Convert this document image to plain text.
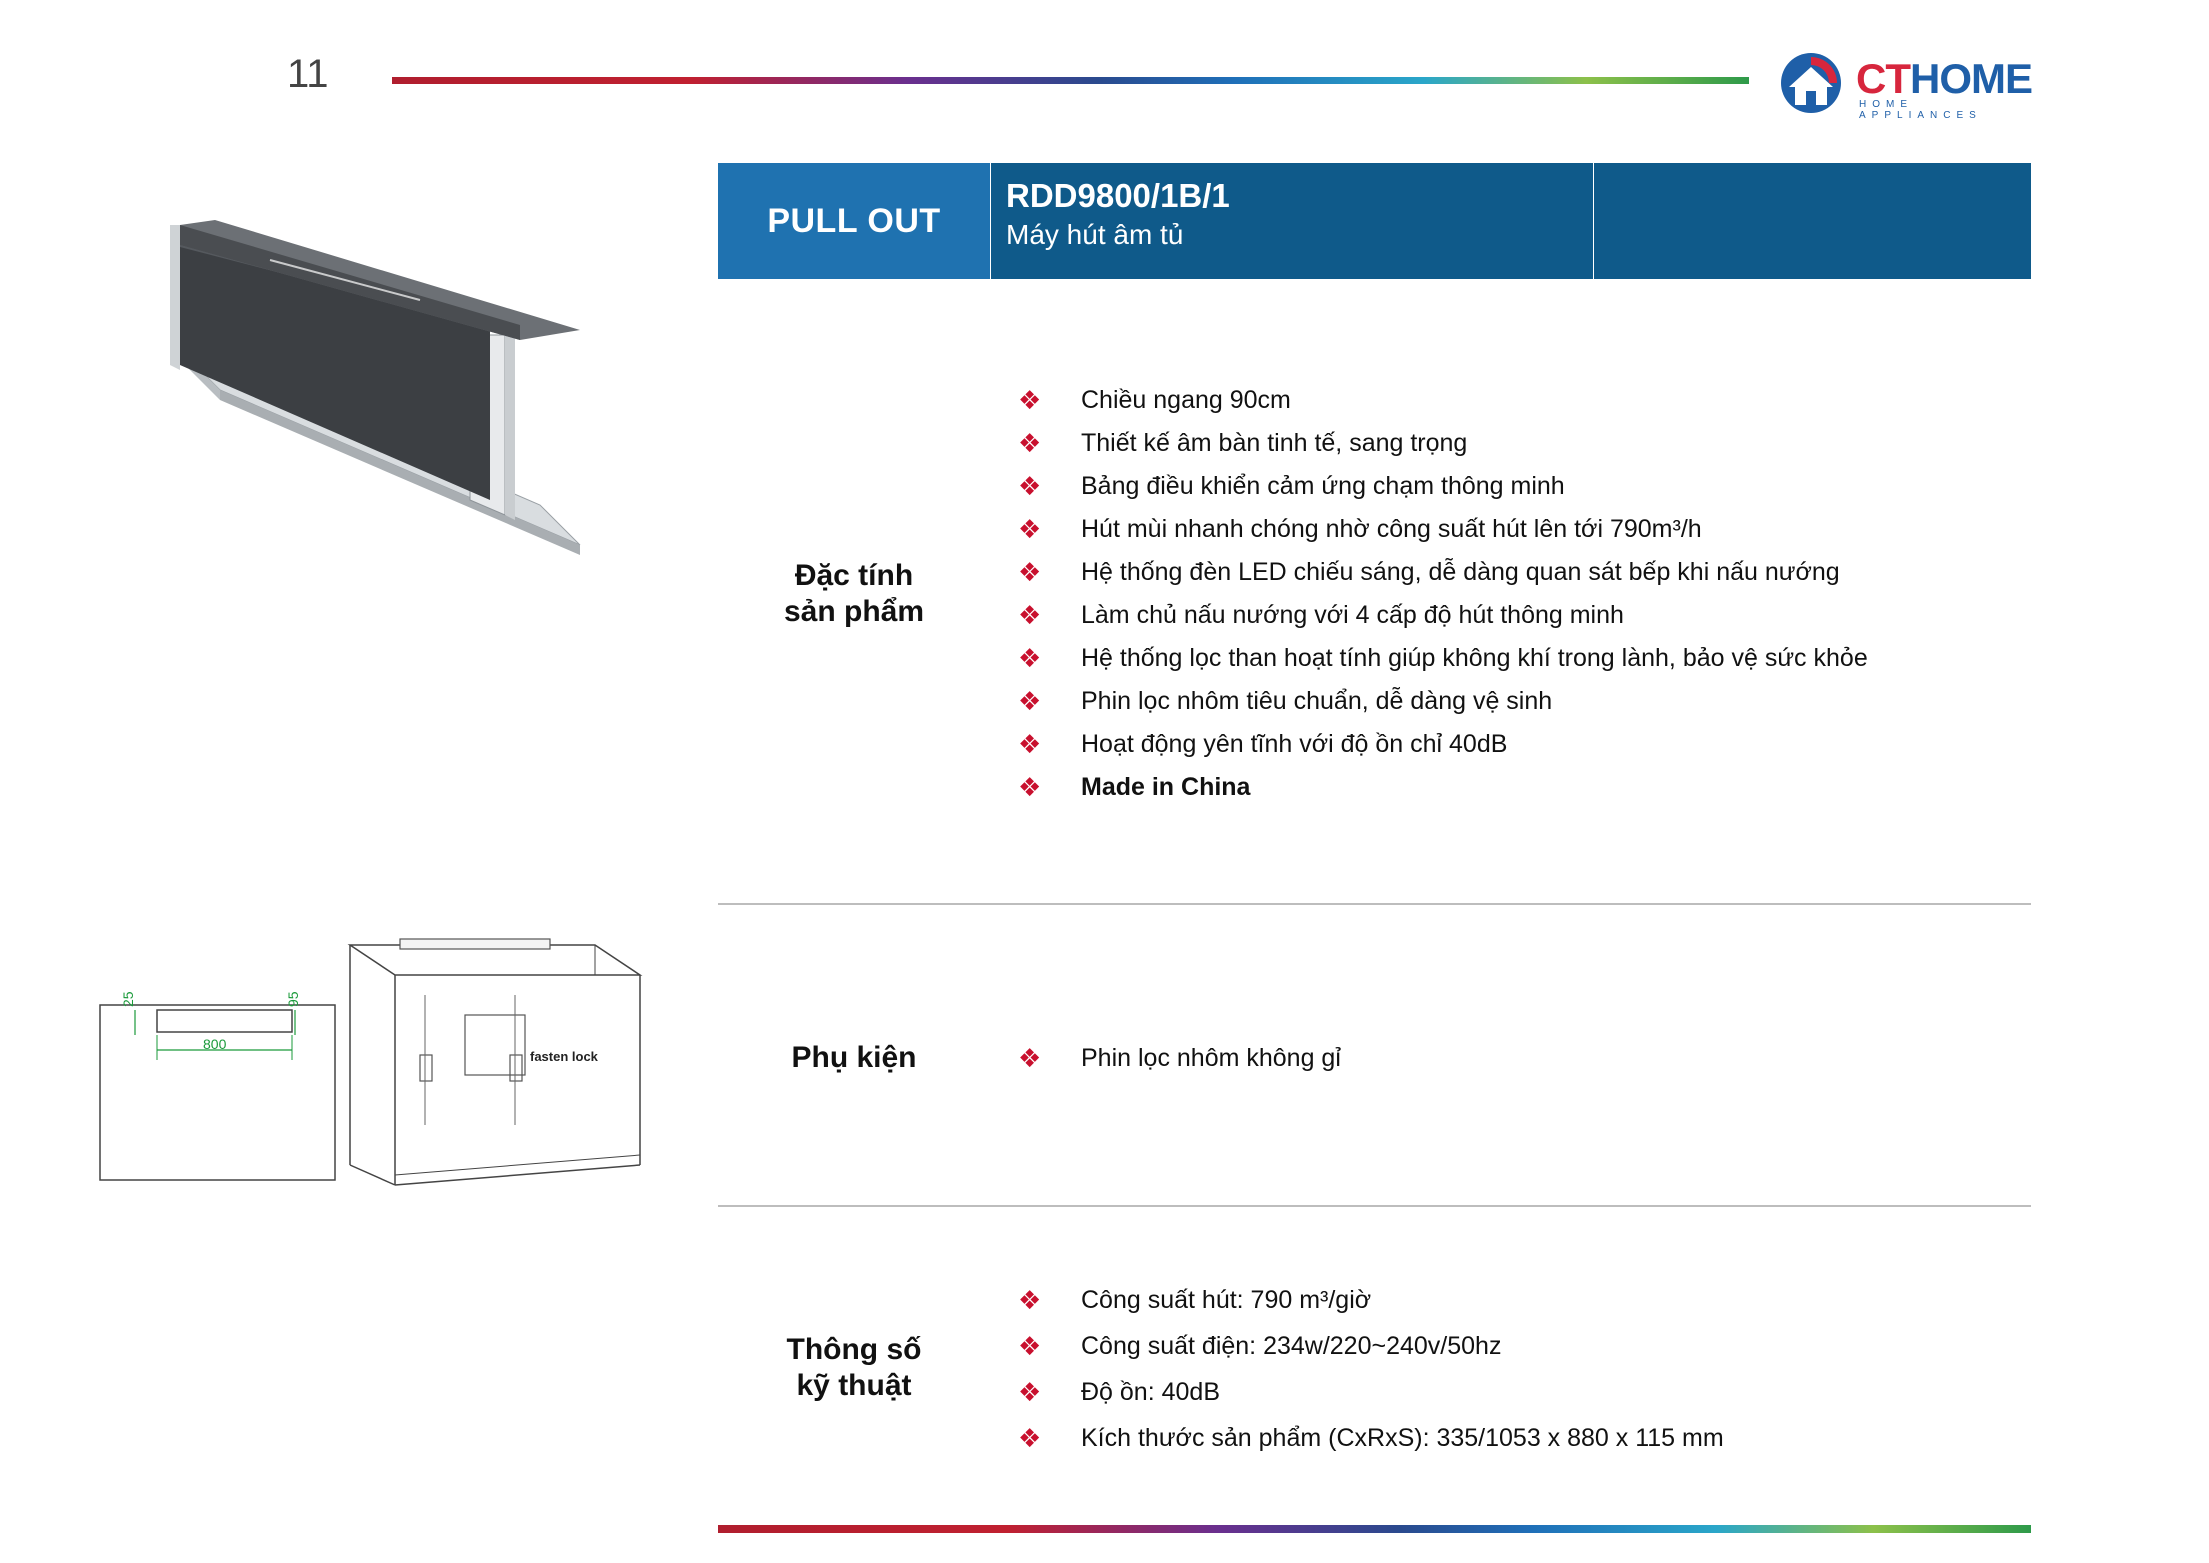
11	CTHOME
HOME APPLIANCES
PULL OUT
RDD9800/1B/1
Máy hút âm tủ
25	95
800
fasten lock
Đặc tính
sản phẩm
❖ Chiều ngang 90cm
❖ Thiết kế âm bàn tinh tế, sang trọng
❖ Bảng điều khiển cảm ứng chạm thông minh
❖ Hút mùi nhanh chóng nhờ công suất hút lên tới 790m³/h
❖ Hệ thống đèn LED chiếu sáng, dễ dàng quan sát bếp khi nấu nướng
❖ Làm chủ nấu nướng với 4 cấp độ hút thông minh
❖ Hệ thống lọc than hoạt tính giúp không khí trong lành, bảo vệ sức khỏe
❖ Phin lọc nhôm tiêu chuẩn, dễ dàng vệ sinh
❖ Hoạt động yên tĩnh với độ ồn chỉ 40dB
❖ Made in China
Phụ kiện	❖ Phin lọc nhôm không gỉ
Thông số
kỹ thuật
❖ Công suất hút: 790 m³/giờ
❖ Công suất điện: 234w/220~240v/50hz
❖ Độ ồn: 40dB
❖ Kích thước sản phẩm (CxRxS): 335/1053 x 880 x 115 mm
